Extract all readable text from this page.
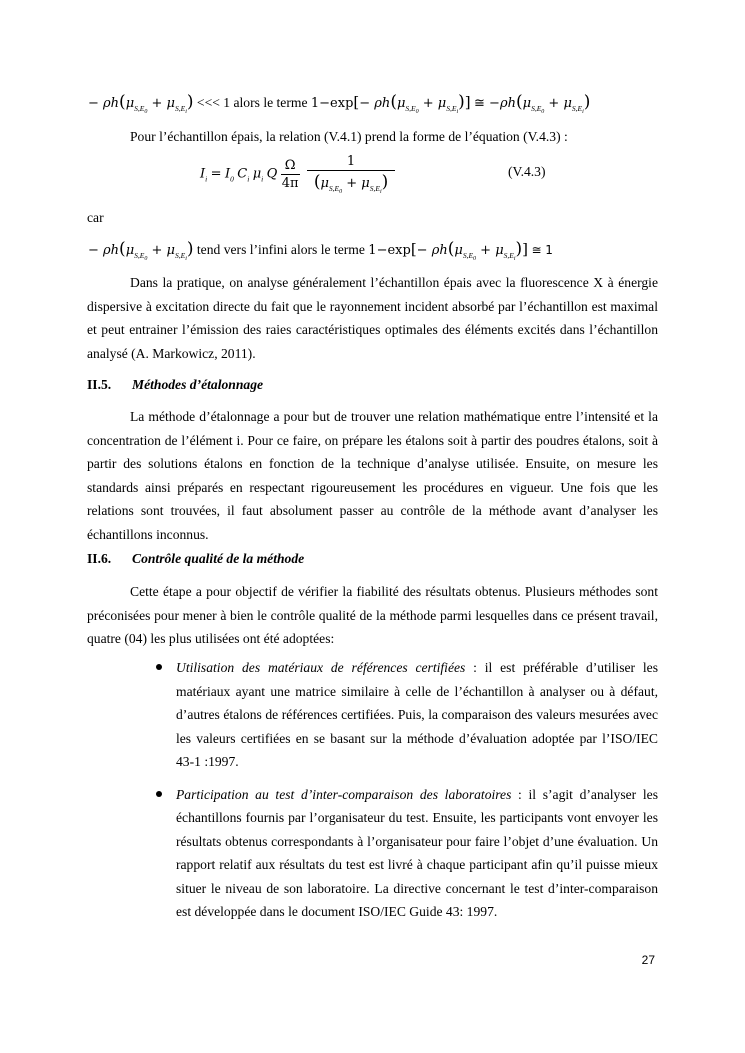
− $\rho h(\mu_{S,E0} + \mu_{S,Ei})$ <<< 1 alors le terme $1-\exp[- \rho h(\mu_{S,E0} + \mu_{S,Ei})]$ ≅ $-\rho h(\mu_{S,E0} + \mu_{S,Ei})$
Pour l’échantillon épais, la relation (V.4.1) prend la forme de l’équation (V.4.3) :
$I_i = I_0$ $C_i$ $\mu_i$ Q $\frac{\Omega}{4\pi}$
$\frac{1}{(\mu_{S,E0} + \mu_{S,Ei})}$	(V.4.3)
car
− $\rho h(\mu_{S,E0} + \mu_{S,Ei})$ tend vers l’infini alors le terme $1-\exp[- \rho h(\mu_{S,E0} + \mu_{S,Ei})]$ ≅ 1
Dans la pratique, on analyse généralement l’échantillon épais avec la fluorescence X à énergie dispersive à excitation directe du fait que le rayonnement incident absorbé par l’échantillon est maximal et peut entrainer l’émission des raies caractéristiques optimales des éléments excités dans l’échantillon analysé (A. Markowicz, 2011).
II.5. Méthodes d’étalonnage
La méthode d’étalonnage a pour but de trouver une relation mathématique entre l’intensité et la concentration de l’élément i. Pour ce faire, on prépare les étalons soit à partir des poudres étalons, soit à partir des solutions étalons en fonction de la technique d’analyse utilisée. Ensuite, on mesure les standards ainsi préparés en respectant rigoureusement les procédures en vigueur. Une fois que les relations sont trouvées, il faut absolument passer au contrôle de la méthode avant d’analyser les échantillons inconnus.
II.6. Contrôle qualité de la méthode
Cette étape a pour objectif de vérifier la fiabilité des résultats obtenus. Plusieurs méthodes sont préconisées pour mener à bien le contrôle qualité de la méthode parmi lesquelles dans ce présent travail, quatre (04) les plus utilisées ont été adoptées:
Utilisation des matériaux de références certifiées : il est préférable d’utiliser les matériaux ayant une matrice similaire à celle de l’échantillon à analyser ou à défaut, d’autres étalons de références certifiées. Puis, la comparaison des valeurs mesurées avec les valeurs certifiées en se basant sur la méthode d’évaluation adoptée par l’ISO/IEC 43-1 :1997.
Participation au test d’inter-comparaison des laboratoires : il s’agit d’analyser les échantillons fournis par l’organisateur du test. Ensuite, les participants vont envoyer les résultats obtenus correspondants à l’organisateur pour faire l’objet d’une évaluation. Un rapport relatif aux résultats du test est livré à chaque participant afin qu’il puisse mieux situer le niveau de son laboratoire. La directive concernant le test d’inter-comparaison est développée dans le document ISO/IEC Guide 43: 1997.
27
